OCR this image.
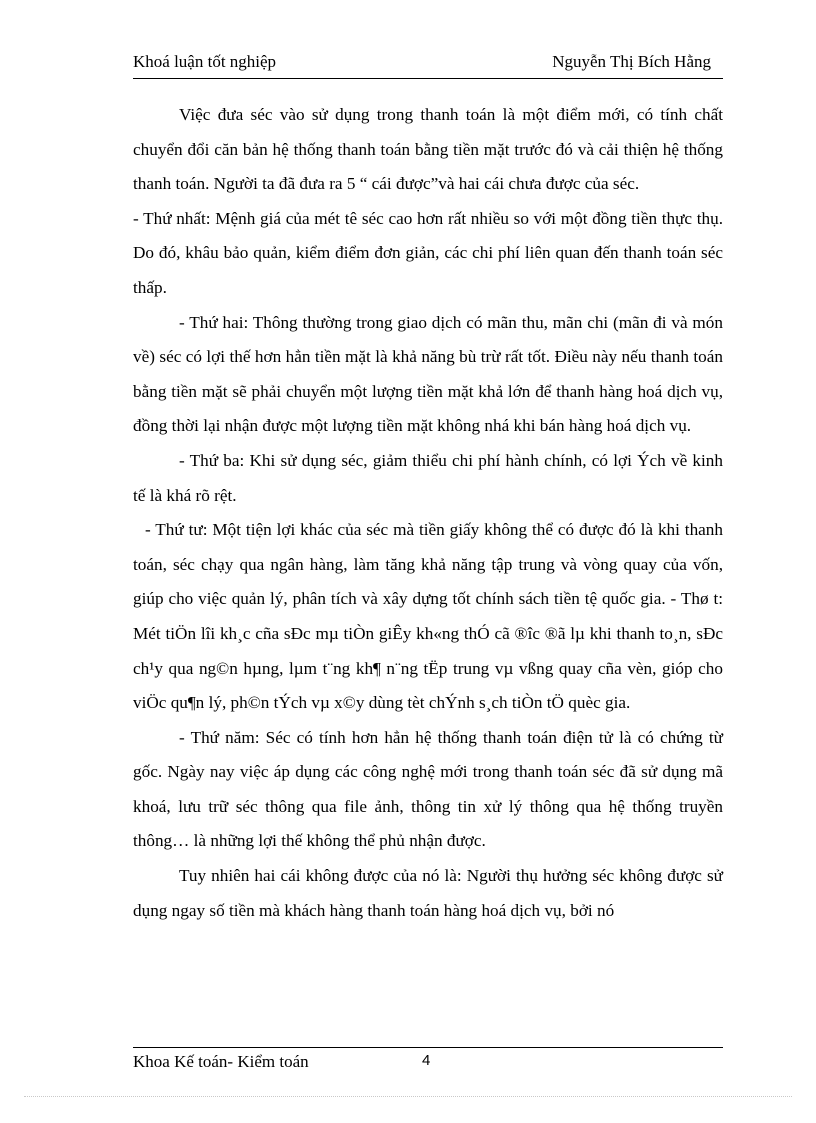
Khoá luận tốt nghiệp	Nguyễn Thị Bích Hằng

Việc đưa séc vào sử dụng trong thanh toán là một điểm mới, có tính chất chuyển đổi căn bản hệ thống thanh toán bằng tiền mặt trước đó và cải thiện hệ thống thanh toán. Người ta đã đưa ra 5 “ cái được”và hai cái chưa được của séc.

- Thứ nhất: Mệnh giá của mét tê séc cao hơn rất nhiều so với một đồng tiền thực thụ. Do đó, khâu bảo quản, kiểm điểm đơn giản, các chi phí liên quan đến thanh toán séc thấp.

- Thứ hai: Thông thường trong giao dịch có mãn thu, mãn chi (mãn đi và món về) séc có lợi thế hơn hẳn tiền mặt là khả năng bù trừ rất tốt. Điều này nếu thanh toán bằng tiền mặt sẽ phải chuyển một lượng tiền mặt khả lớn để thanh hàng hoá dịch vụ, đồng thời lại nhận được một lượng tiền mặt không nhá khi bán hàng hoá dịch vụ.

- Thứ ba: Khi sử dụng séc, giảm thiểu chi phí hành chính, có lợi Ých về kinh tế là khá rõ rệt.

- Thứ tư: Một tiện lợi khác của séc mà tiền giấy không thể có được đó là khi thanh toán, séc chạy qua ngân hàng, làm tăng khả năng tập trung và vòng quay của vốn, giúp cho việc quản lý, phân tích và xây dựng tốt chính sách tiền tệ quốc gia. - Thø t: Mét tiÖn lîi kh¸c cña sÐc mµ tiÒn giÊy kh«ng thÓ cã ®îc ®ã lµ khi thanh to¸n, sÐc ch¹y qua ng©n hµng, lµm t¨ng kh¶ n¨ng tËp trung vµ vßng quay cña vèn, gióp cho viÖc qu¶n lý, ph©n tÝch vµ x©y dùng tèt chÝnh s¸ch tiÒn tÖ quèc gia.

- Thứ năm: Séc có tính hơn hẳn hệ thống thanh toán điện tử là có chứng từ gốc. Ngày nay việc áp dụng các công nghệ mới trong thanh toán séc đã sử dụng mã khoá, lưu trữ séc thông qua file ảnh, thông tin xử lý thông qua hệ thống truyền thông… là những lợi thế không thể phủ nhận được.

Tuy nhiên hai cái không được của nó là: Người thụ hưởng séc không được sử dụng ngay số tiền mà khách hàng thanh toán hàng hoá dịch vụ, bởi nó

Khoa Kế toán- Kiểm toán	4
